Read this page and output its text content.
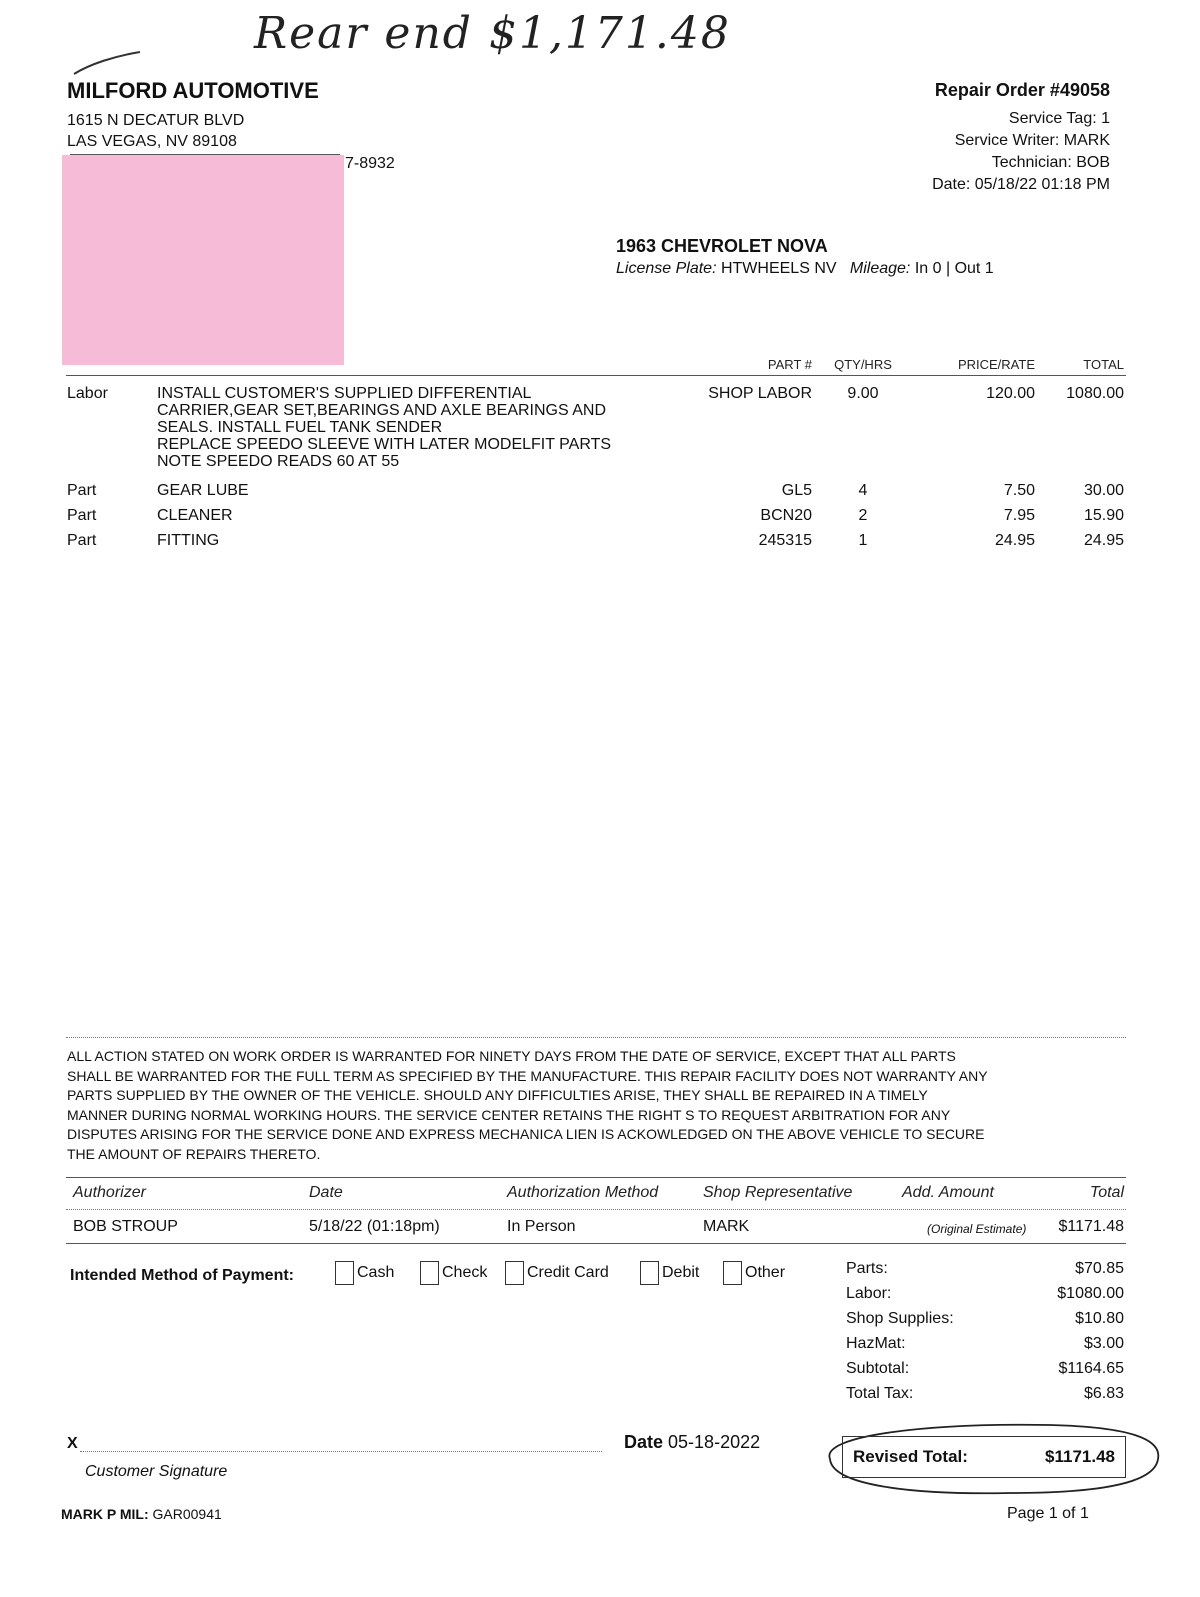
Rear end $1,171.48
MILFORD AUTOMOTIVE
1615 N DECATUR BLVD
LAS VEGAS, NV 89108
7-8932
Repair Order #49058
Service Tag: 1
Service Writer: MARK
Technician: BOB
Date: 05/18/22 01:18 PM
1963 CHEVROLET NOVA
License Plate: HTWHEELS NV Mileage: In 0 | Out 1
PART #	QTY/HRS	PRICE/RATE	TOTAL
Labor	INSTALL CUSTOMER'S SUPPLIED DIFFERENTIAL
CARRIER,GEAR SET,BEARINGS AND AXLE BEARINGS AND
SEALS. INSTALL FUEL TANK SENDER
REPLACE SPEEDO SLEEVE WITH LATER MODELFIT PARTS
NOTE SPEEDO READS 60 AT 55
SHOP LABOR	9.00	120.00	1080.00
Part	GEAR LUBE	GL5	4	7.50	30.00
Part	CLEANER	BCN20	2	7.95	15.90
Part	FITTING	245315	1	24.95	24.95
ALL ACTION STATED ON WORK ORDER IS WARRANTED FOR NINETY DAYS FROM THE DATE OF SERVICE, EXCEPT THAT ALL PARTS
SHALL BE WARRANTED FOR THE FULL TERM AS SPECIFIED BY THE MANUFACTURE. THIS REPAIR FACILITY DOES NOT WARRANTY ANY
PARTS SUPPLIED BY THE OWNER OF THE VEHICLE. SHOULD ANY DIFFICULTIES ARISE, THEY SHALL BE REPAIRED IN A TIMELY
MANNER DURING NORMAL WORKING HOURS. THE SERVICE CENTER RETAINS THE RIGHT S TO REQUEST ARBITRATION FOR ANY
DISPUTES ARISING FOR THE SERVICE DONE AND EXPRESS MECHANICA LIEN IS ACKOWLEDGED ON THE ABOVE VEHICLE TO SECURE
THE AMOUNT OF REPAIRS THERETO.
Authorizer	Date	Authorization Method	Shop Representative	Add. Amount	Total
BOB STROUP	5/18/22 (01:18pm)	In Person	MARK	(Original Estimate)	$1171.48
Intended Method of Payment:	Cash	Check Credit Card	Debit	Other	Parts:	$70.85
Labor:	$1080.00
Shop Supplies:	$10.80
HazMat:	$3.00
Subtotal:	$1164.65
Total Tax:	$6.83
Revised Total:	$1171.48
X
Customer Signature
Date 05-18-2022
MARK P MIL: GAR00941	Page 1 of 1
